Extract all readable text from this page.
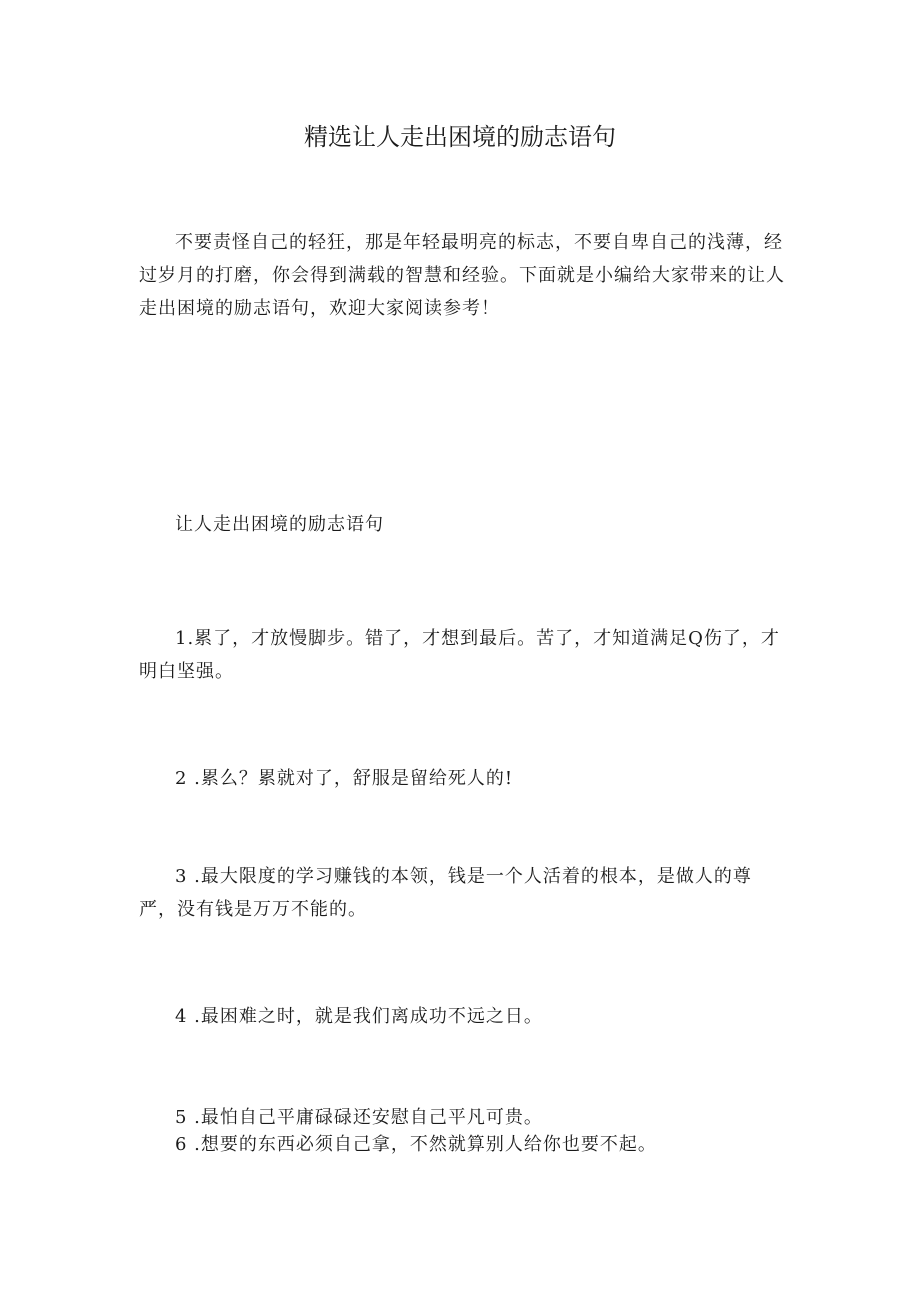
精选让人走出困境的励志语句

不要责怪自己的轻狂，那是年轻最明亮的标志，不要自卑自己的浅薄，经过岁月的打磨，你会得到满载的智慧和经验。下面就是小编给大家带来的让人走出困境的励志语句，欢迎大家阅读参考！

让人走出困境的励志语句

1.累了，才放慢脚步。错了，才想到最后。苦了，才知道满足Q伤了，才明白坚强。

2 .累么？累就对了，舒服是留给死人的!

3 .最大限度的学习赚钱的本领，钱是一个人活着的根本，是做人的尊严，没有钱是万万不能的。

4 .最困难之时，就是我们离成功不远之日。

5 .最怕自己平庸碌碌还安慰自己平凡可贵。
6 .想要的东西必须自己拿，不然就算别人给你也要不起。
